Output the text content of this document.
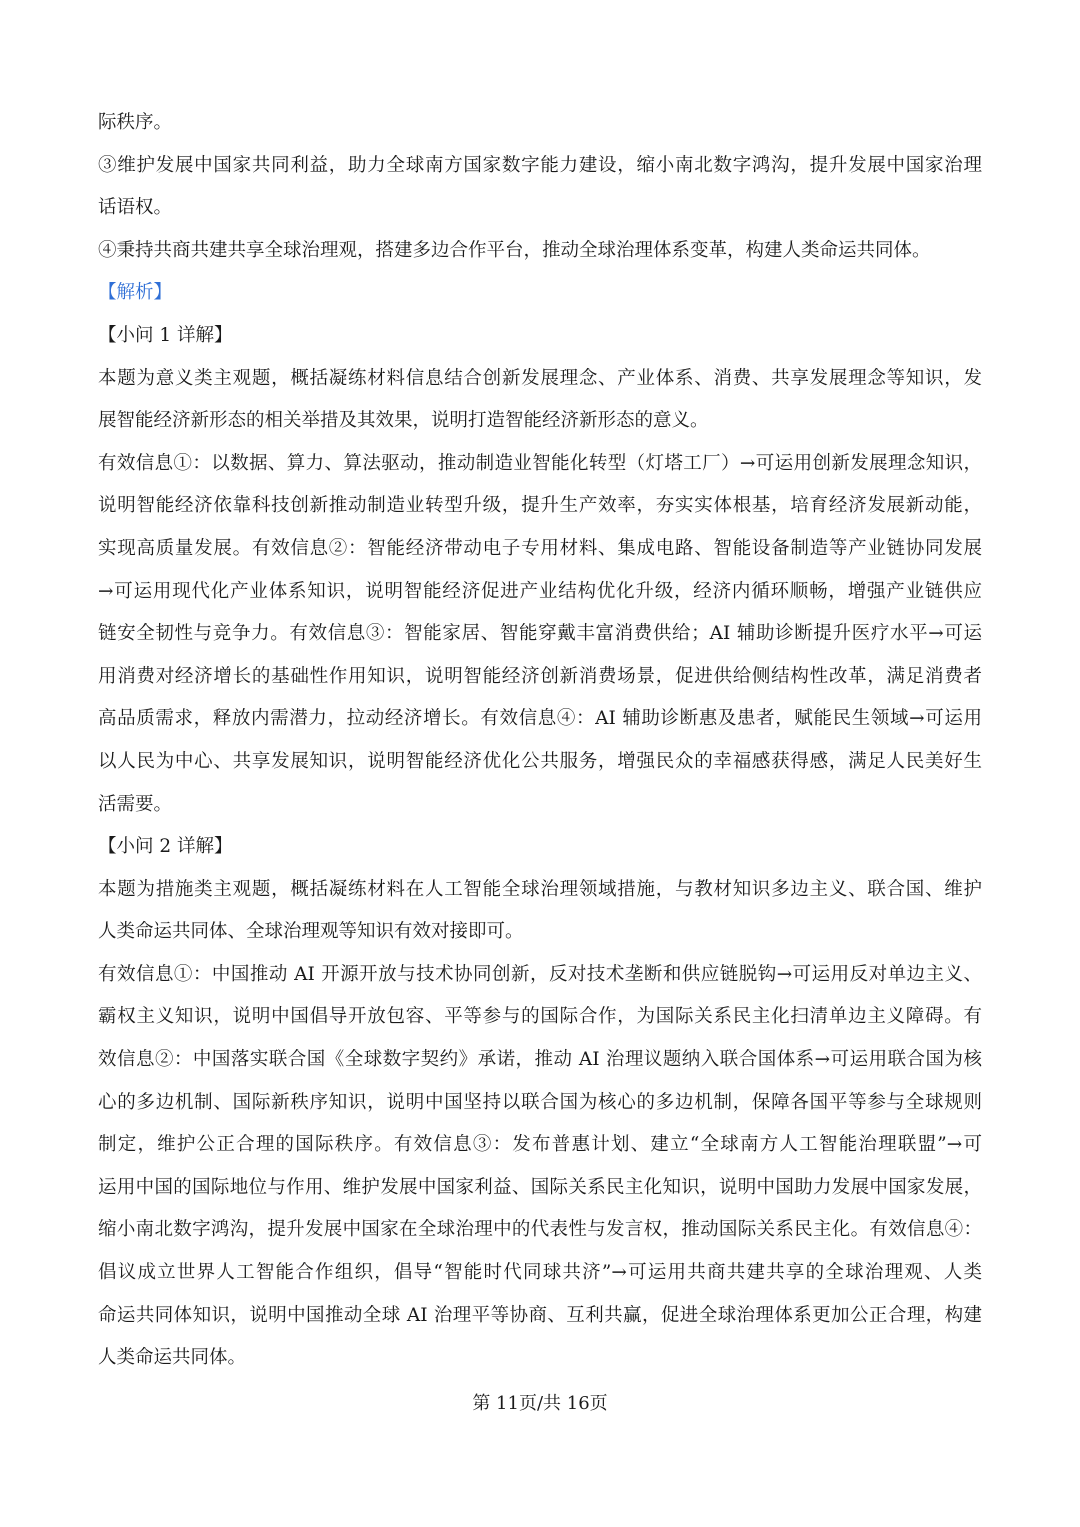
际秩序。
③维护发展中国家共同利益，助力全球南方国家数字能力建设，缩小南北数字鸿沟，提升发展中国家治理
话语权。
④秉持共商共建共享全球治理观，搭建多边合作平台，推动全球治理体系变革，构建人类命运共同体。
【解析】
【小问 1 详解】
本题为意义类主观题，概括凝练材料信息结合创新发展理念、产业体系、消费、共享发展理念等知识，发
展智能经济新形态的相关举措及其效果，说明打造智能经济新形态的意义。
有效信息①：以数据、算力、算法驱动，推动制造业智能化转型（灯塔工厂）→可运用创新发展理念知识，
说明智能经济依靠科技创新推动制造业转型升级，提升生产效率，夯实实体根基，培育经济发展新动能，
实现高质量发展。有效信息②：智能经济带动电子专用材料、集成电路、智能设备制造等产业链协同发展
→可运用现代化产业体系知识，说明智能经济促进产业结构优化升级，经济内循环顺畅，增强产业链供应
链安全韧性与竞争力。有效信息③：智能家居、智能穿戴丰富消费供给；AI 辅助诊断提升医疗水平→可运
用消费对经济增长的基础性作用知识，说明智能经济创新消费场景，促进供给侧结构性改革，满足消费者
高品质需求，释放内需潜力，拉动经济增长。有效信息④：AI 辅助诊断惠及患者，赋能民生领域→可运用
以人民为中心、共享发展知识，说明智能经济优化公共服务，增强民众的幸福感获得感，满足人民美好生
活需要。
【小问 2 详解】
本题为措施类主观题，概括凝练材料在人工智能全球治理领域措施，与教材知识多边主义、联合国、维护
人类命运共同体、全球治理观等知识有效对接即可。
有效信息①：中国推动 AI 开源开放与技术协同创新，反对技术垄断和供应链脱钩→可运用反对单边主义、
霸权主义知识，说明中国倡导开放包容、平等参与的国际合作，为国际关系民主化扫清单边主义障碍。有
效信息②：中国落实联合国《全球数字契约》承诺，推动 AI 治理议题纳入联合国体系→可运用联合国为核
心的多边机制、国际新秩序知识，说明中国坚持以联合国为核心的多边机制，保障各国平等参与全球规则
制定，维护公正合理的国际秩序。有效信息③：发布普惠计划、建立“全球南方人工智能治理联盟”→可
运用中国的国际地位与作用、维护发展中国家利益、国际关系民主化知识，说明中国助力发展中国家发展，
缩小南北数字鸿沟，提升发展中国家在全球治理中的代表性与发言权，推动国际关系民主化。有效信息④：
倡议成立世界人工智能合作组织，倡导“智能时代同球共济”→可运用共商共建共享的全球治理观、人类
命运共同体知识，说明中国推动全球 AI 治理平等协商、互利共赢，促进全球治理体系更加公正合理，构建
人类命运共同体。
第 11页/共 16页
